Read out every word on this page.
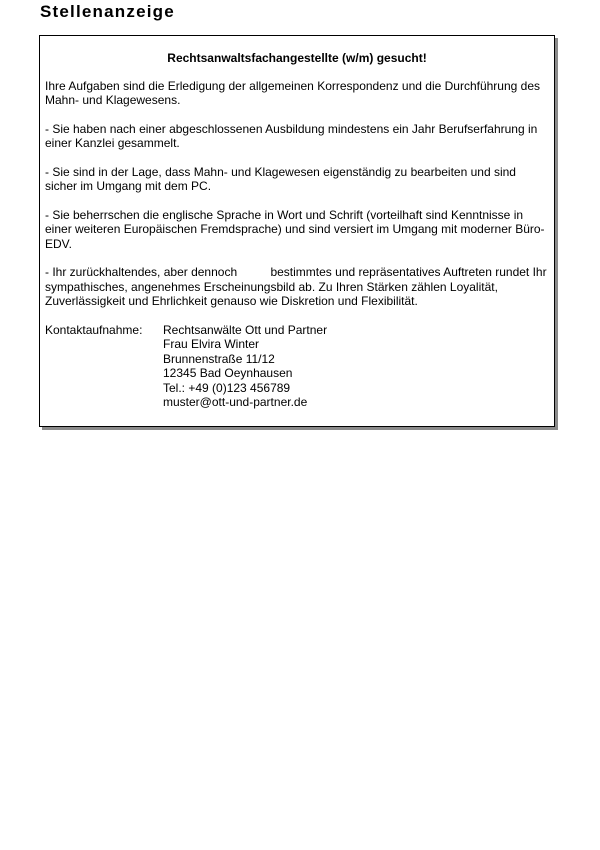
Stellenanzeige

Rechtsanwaltsfachangestellte (w/m) gesucht!

Ihre Aufgaben sind die Erledigung der allgemeinen Korrespondenz und die Durchführung des Mahn- und Klagewesens.

- Sie haben nach einer abgeschlossenen Ausbildung mindestens ein Jahr Berufserfahrung in einer Kanzlei gesammelt.

- Sie sind in der Lage, dass Mahn- und Klagewesen eigenständig zu bearbeiten und sind sicher im Umgang mit dem PC.

- Sie beherrschen die englische Sprache in Wort und Schrift (vorteilhaft sind Kenntnisse in einer weiteren Europäischen Fremdsprache) und sind versiert im Umgang mit moderner Büro-EDV.

- Ihr zurückhaltendes, aber dennoch          bestimmtes und repräsentatives Auftreten rundet Ihr sympathisches, angenehmes Erscheinungsbild ab. Zu Ihren Stärken zählen Loyalität, Zuverlässigkeit und Ehrlichkeit genauso wie Diskretion und Flexibilität.

Kontaktaufnahme:	Rechtsanwälte Ott und Partner
Frau Elvira Winter
Brunnenstraße 11/12
12345 Bad Oeynhausen
Tel.: +49 (0)123 456789
muster@ott-und-partner.de
